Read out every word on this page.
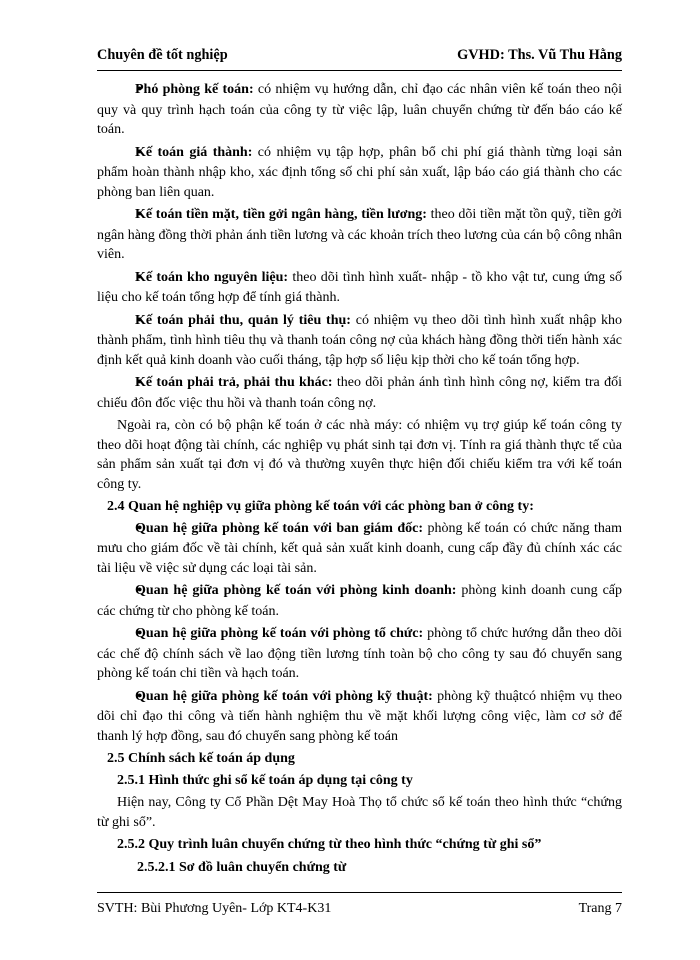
Chuyên đề tốt nghiệp	GVHD: Ths. Vũ Thu Hằng

● Phó phòng kế toán: có nhiệm vụ hướng dẫn, chỉ đạo các nhân viên kế toán theo nội quy và quy trình hạch toán của công ty từ việc lập, luân chuyển chứng từ đến báo cáo kế toán.

● Kế toán giá thành: có nhiệm vụ tập hợp, phân bổ chi phí giá thành từng loại sản phẩm hoàn thành nhập kho, xác định tổng số chi phí sản xuất, lập báo cáo giá thành cho các phòng ban liên quan.

● Kế toán tiền mặt, tiền gởi ngân hàng, tiền lương: theo dõi tiền mặt tồn quỹ, tiền gởi ngân hàng đồng thời phản ánh tiền lương và các khoản trích theo lương của cán bộ công nhân viên.

● Kế toán kho nguyên liệu: theo dõi tình hình xuất- nhập - tồ kho vật tư, cung ứng số liệu cho kế toán tổng hợp để tính giá thành.

● Kế toán phải thu, quản lý tiêu thụ: có nhiệm vụ theo dõi tình hình xuất nhập kho thành phẩm, tình hình tiêu thụ và thanh toán công nợ của khách hàng đồng thời tiến hành xác định kết quả kinh doanh vào cuối tháng, tập hợp số liệu kịp thời cho kế toán tổng hợp.

● Kế toán phải trả, phải thu khác: theo dõi phản ánh tình hình công nợ, kiểm tra đối chiếu đôn đốc việc thu hồi và thanh toán công nợ.

Ngoài ra, còn có bộ phận kế toán ở các nhà máy: có nhiệm vụ trợ giúp kế toán công ty theo dõi hoạt động tài chính, các nghiệp vụ phát sinh tại đơn vị. Tính ra giá thành thực tế của sản phẩm sản xuất tại đơn vị đó và thường xuyên thực hiện đối chiếu kiểm tra với kế toán công ty.

2.4 Quan hệ nghiệp vụ giữa phòng kế toán với các phòng ban ở công ty:

● Quan hệ giữa phòng kế toán với ban giám đốc: phòng kế toán có chức năng tham mưu cho giám đốc về tài chính, kết quả sản xuất kinh doanh, cung cấp đầy đủ chính xác các tài liệu về việc sử dụng các loại tài sản.

● Quan hệ giữa phòng kế toán với phòng kinh doanh: phòng kinh doanh cung cấp các chứng từ cho phòng kế toán.

● Quan hệ giữa phòng kế toán với phòng tổ chức: phòng tổ chức hướng dẫn theo dõi các chế độ chính sách về lao động tiền lương tính toàn bộ cho công ty sau đó chuyển sang phòng kế toán chi tiền và hạch toán.

● Quan hệ giữa phòng kế toán với phòng kỹ thuật: phòng kỹ thuậtcó nhiệm vụ theo dõi chỉ đạo thi công và tiến hành nghiệm thu về mặt khối lượng công việc, làm cơ sở để thanh lý hợp đồng, sau đó chuyển sang phòng kế toán

2.5 Chính sách kế toán áp dụng

2.5.1 Hình thức ghi sổ kế toán áp dụng tại công ty

Hiện nay, Công ty Cổ Phần Dệt May Hoà Thọ tổ chức sổ kế toán theo hình thức “chứng từ ghi sổ”.

2.5.2 Quy trình luân chuyển chứng từ theo hình thức “chứng từ ghi sổ”

2.5.2.1 Sơ đồ luân chuyển chứng từ

SVTH: Bùi Phương Uyên- Lớp KT4-K31	Trang 7
